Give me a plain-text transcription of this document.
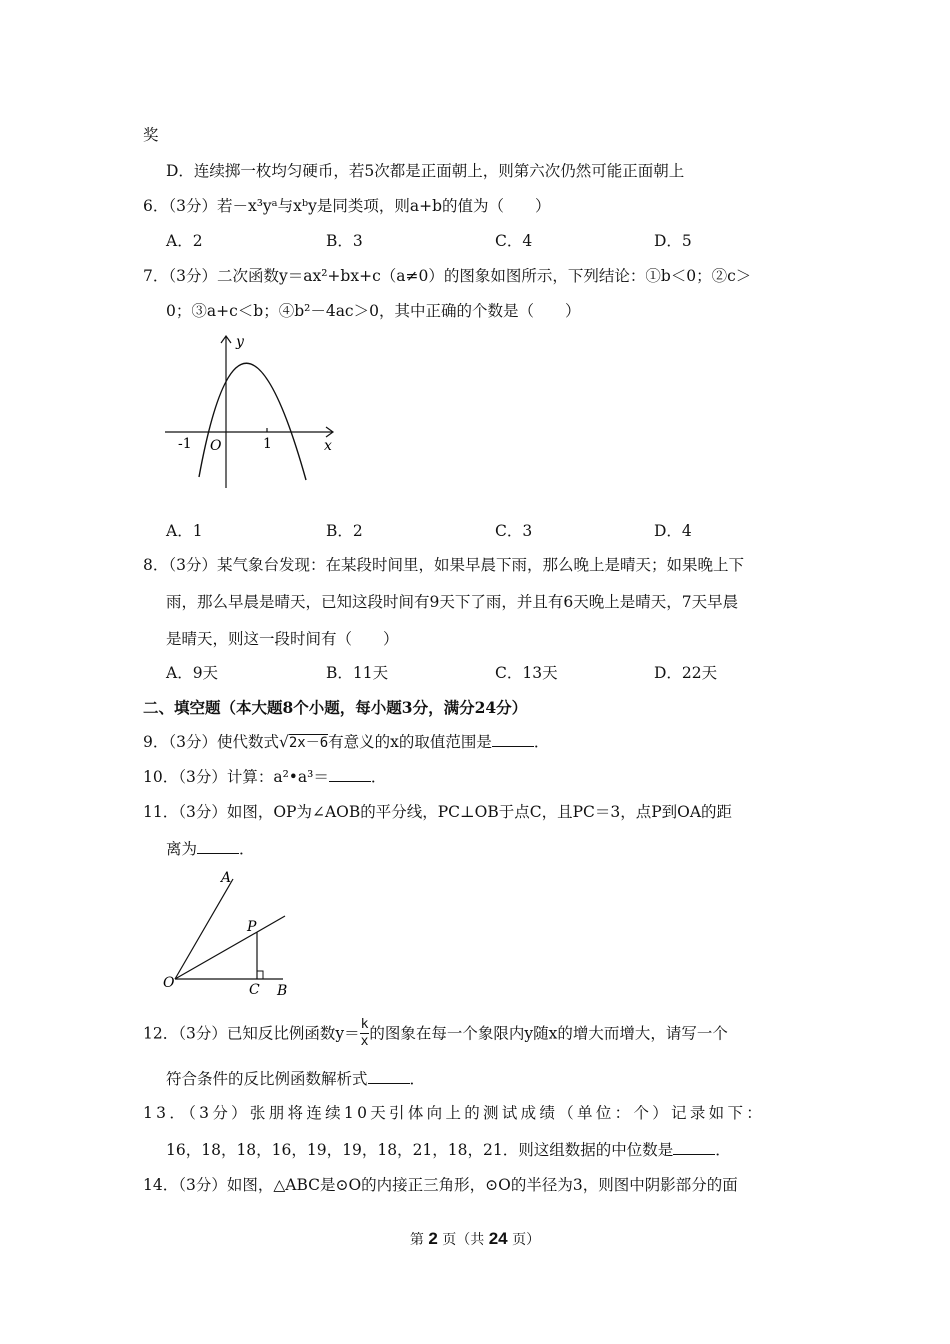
奖
D．连续掷一枚均匀硬币，若5次都是正面朝上，则第六次仍然可能正面朝上
6．（3分）若－x³yᵃ与xᵇy是同类项，则a+b的值为（　　）
A．2	B．3	C．4	D．5
7．（3分）二次函数y＝ax²+bx+c（a≠0）的图象如图所示，下列结论：①b＜0；②c＞
0；③a+c＜b；④b²－4ac＞0，其中正确的个数是（　　）
y
x
-1 O	1
A．1	B．2	C．3	D．4
8．（3分）某气象台发现：在某段时间里，如果早晨下雨，那么晚上是晴天；如果晚上下
雨，那么早晨是晴天，已知这段时间有9天下了雨，并且有6天晚上是晴天，7天早晨
是晴天，则这一段时间有（　　）
A．9天	B．11天	C．13天	D．22天
二、填空题（本大题8个小题，每小题3分，满分24分）
9．（3分）使代数式√2x－6有意义的x的取值范围是	．
10．（3分）计算：a²•a³＝	．
11．（3分）如图，OP为∠AOB的平分线，PC⊥OB于点C，且PC＝3，点P到OA的距
离为	．
A
P
O	C B
12．（3分）已知反比例函数$y= \frac{k}{x}$ 的图象在每一个象限内y随x的增大而增大，请写一个
符合条件的反比例函数解析式	．
13．（3分）张朋将连续10天引体向上的测试成绩（单位：个）记录如下：
16，18，18，16，19，19，18，21，18，21．则这组数据的中位数是	．
14．（3分）如图，△ABC是⊙O的内接正三角形，⊙O的半径为3，则图中阴影部分的面
第 2 页（共 24 页）
